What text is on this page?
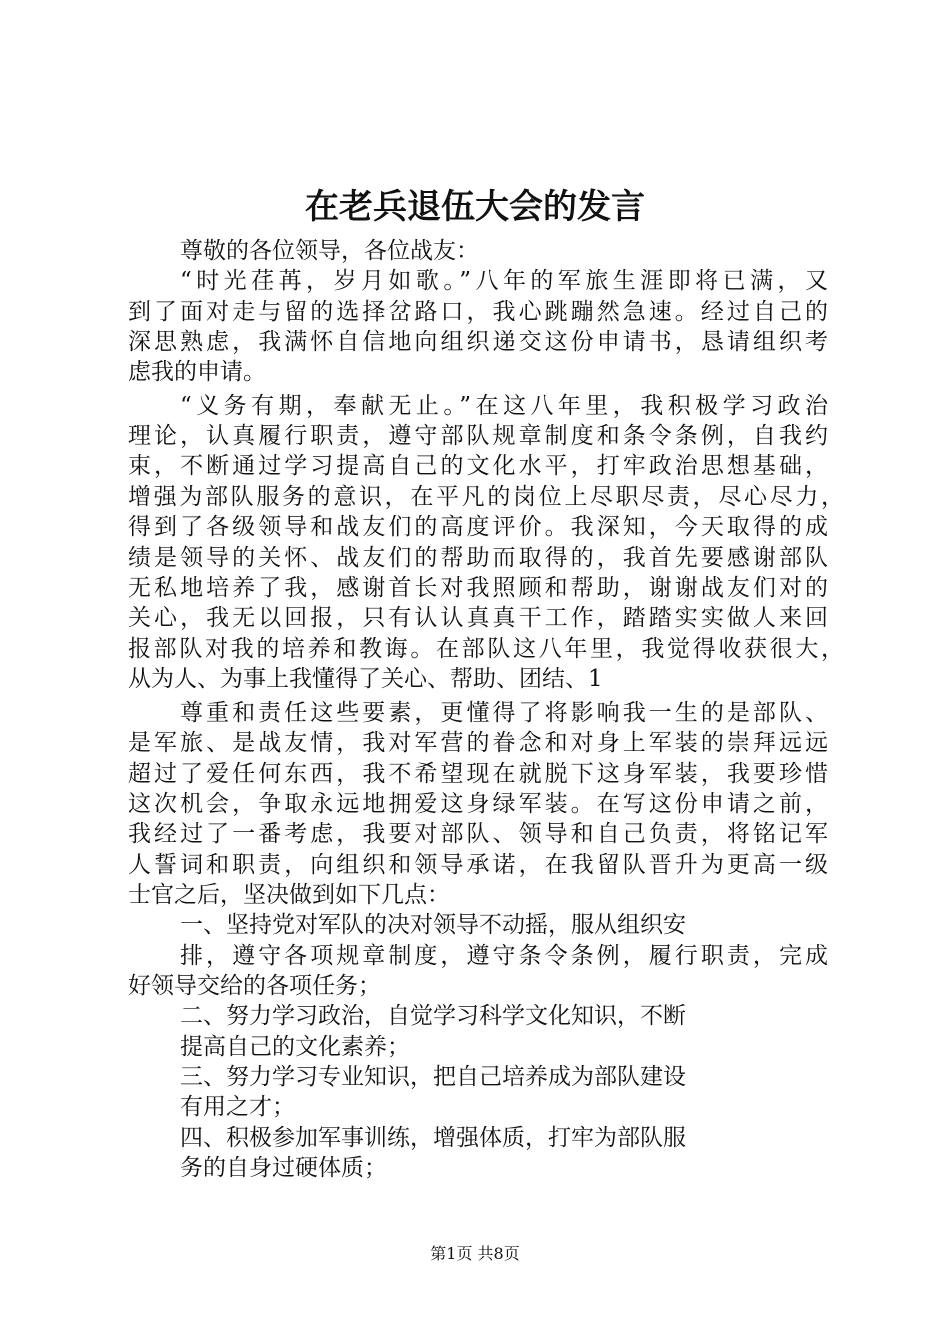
在老兵退伍大会的发言

尊敬的各位领导，各位战友：

“时光荏苒，岁月如歌。”八年的军旅生涯即将已满，又

到了面对走与留的选择岔路口，我心跳蹦然急速。经过自己的

深思熟虑，我满怀自信地向组织递交这份申请书，恳请组织考

虑我的申请。

“义务有期，奉献无止。”在这八年里，我积极学习政治

理论，认真履行职责，遵守部队规章制度和条令条例，自我约

束，不断通过学习提高自己的文化水平，打牢政治思想基础，

增强为部队服务的意识，在平凡的岗位上尽职尽责，尽心尽力，

得到了各级领导和战友们的高度评价。我深知，今天取得的成

绩是领导的关怀、战友们的帮助而取得的，我首先要感谢部队

无私地培养了我，感谢首长对我照顾和帮助，谢谢战友们对的

关心，我无以回报，只有认认真真干工作，踏踏实实做人来回

报部队对我的培养和教诲。在部队这八年里，我觉得收获很大，

从为人、为事上我懂得了关心、帮助、团结、1

尊重和责任这些要素，更懂得了将影响我一生的是部队、

是军旅、是战友情，我对军营的眷念和对身上军装的崇拜远远

超过了爱任何东西，我不希望现在就脱下这身军装，我要珍惜

这次机会，争取永远地拥爱这身绿军装。在写这份申请之前，

我经过了一番考虑，我要对部队、领导和自己负责，将铭记军

人誓词和职责，向组织和领导承诺，在我留队晋升为更高一级

士官之后，坚决做到如下几点：

一、坚持党对军队的决对领导不动摇，服从组织安

排，遵守各项规章制度，遵守条令条例，履行职责，完成

好领导交给的各项任务；

二、努力学习政治，自觉学习科学文化知识，不断

提高自己的文化素养；

三、努力学习专业知识，把自己培养成为部队建设

有用之才；

四、积极参加军事训练，增强体质，打牢为部队服

务的自身过硬体质；

第1页 共8页
